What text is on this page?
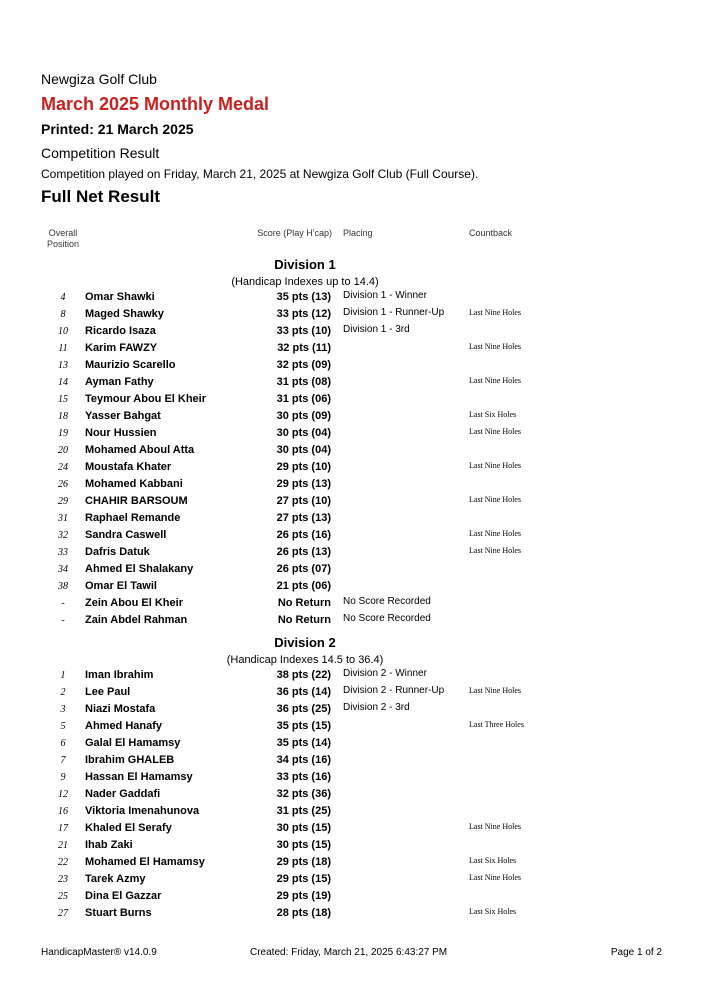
Newgiza Golf Club
March 2025 Monthly Medal
Printed: 21 March 2025
Competition Result
Competition played on Friday, March 21, 2025 at Newgiza Golf Club (Full Course).
Full Net Result
Overall Position
Score (Play H'cap) Placing	Countback
Division 1
(Handicap Indexes up to 14.4)
4	Omar Shawki	35 pts (13) Division 1 - Winner
8	Maged Shawky	33 pts (12) Division 1 - Runner-Up	Last Nine Holes
10	Ricardo Isaza	33 pts (10) Division 1 - 3rd
11	Karim FAWZY	32 pts (11)	Last Nine Holes
13	Maurizio Scarello	32 pts (09)
14	Ayman Fathy	31 pts (08)	Last Nine Holes
15	Teymour Abou El Kheir	31 pts (06)
18	Yasser Bahgat	30 pts (09)	Last Six Holes
19	Nour Hussien	30 pts (04)	Last Nine Holes
20	Mohamed Aboul Atta	30 pts (04)
24	Moustafa Khater	29 pts (10)	Last Nine Holes
26	Mohamed Kabbani	29 pts (13)
29	CHAHIR BARSOUM	27 pts (10)	Last Nine Holes
31	Raphael Remande	27 pts (13)
32	Sandra Caswell	26 pts (16)	Last Nine Holes
33	Dafris Datuk	26 pts (13)	Last Nine Holes
34	Ahmed El Shalakany	26 pts (07)
38	Omar El Tawil	21 pts (06)
-	Zein Abou El Kheir	No Return No Score Recorded
-	Zain Abdel Rahman	No Return No Score Recorded
Division 2
(Handicap Indexes 14.5 to 36.4)
1	Iman Ibrahim	38 pts (22) Division 2 - Winner
2	Lee Paul	36 pts (14) Division 2 - Runner-Up	Last Nine Holes
3	Niazi Mostafa	36 pts (25) Division 2 - 3rd
5	Ahmed Hanafy	35 pts (15)	Last Three Holes
6	Galal El Hamamsy	35 pts (14)
7	Ibrahim GHALEB	34 pts (16)
9	Hassan El Hamamsy	33 pts (16)
12	Nader Gaddafi	32 pts (36)
16	Viktoria Imenahunova	31 pts (25)
17	Khaled El Serafy	30 pts (15)	Last Nine Holes
21	Ihab Zaki	30 pts (15)
22	Mohamed El Hamamsy	29 pts (18)	Last Six Holes
23	Tarek Azmy	29 pts (15)	Last Nine Holes
25	Dina El Gazzar	29 pts (19)
27	Stuart Burns	28 pts (18)	Last Six Holes
HandicapMaster® v14.0.9	Created: Friday, March 21, 2025 6:43:27 PM	Page 1 of 2
